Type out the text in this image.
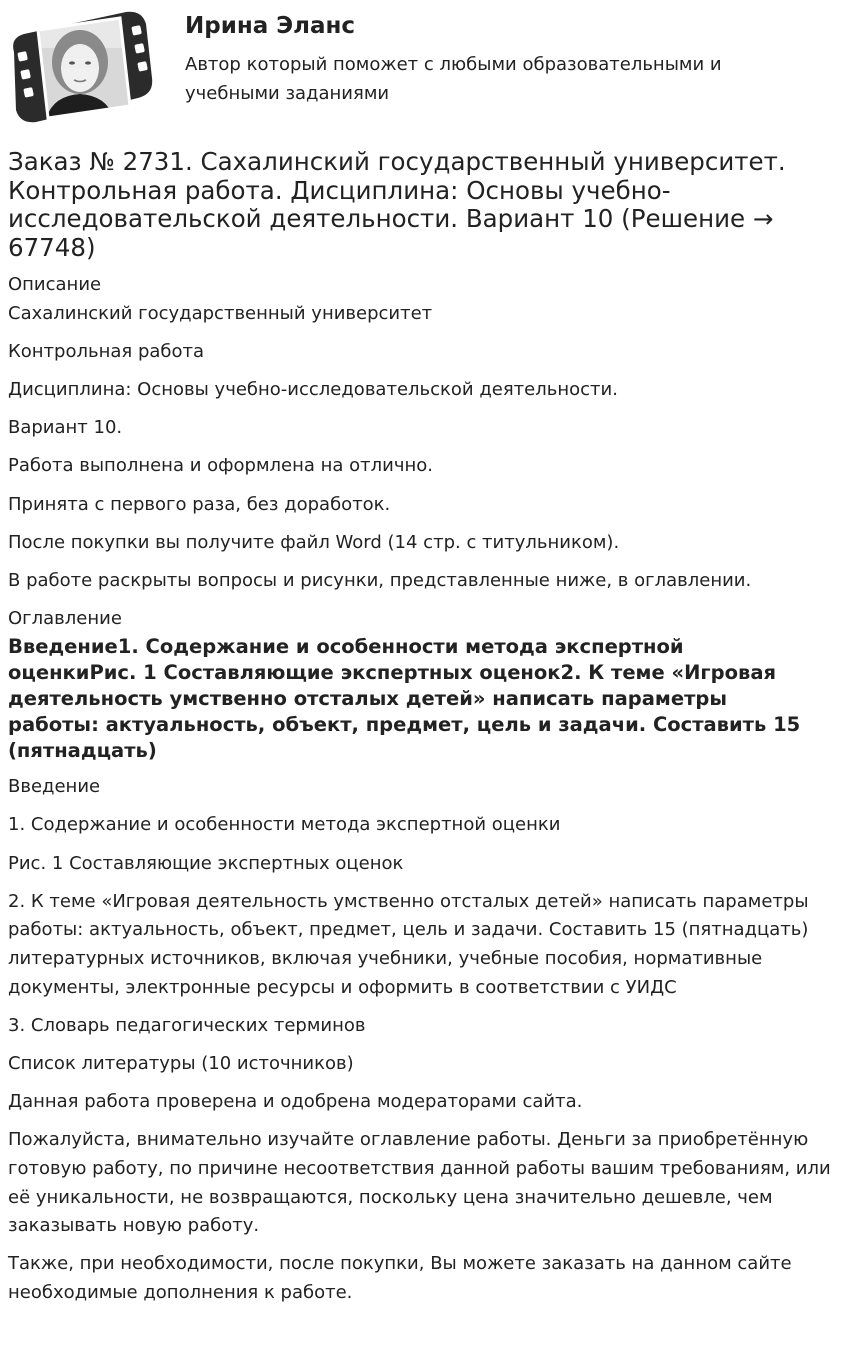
Ирина Эланс
Автор который поможет с любыми образовательными и учебными заданиями
Заказ № 2731. Сахалинский государственный университет. Контрольная работа. Дисциплина: Основы учебно-исследовательской деятельности. Вариант 10 (Решение → 67748)

Описание

Сахалинский государственный университет

Контрольная работа

Дисциплина: Основы учебно-исследовательской деятельности.

Вариант 10.

Работа выполнена и оформлена на отлично.

Принята с первого раза, без доработок.

После покупки вы получите файл Word (14 стр. с титульником).

В работе раскрыты вопросы и рисунки, представленные ниже, в оглавлении.

Оглавление

Введение1. Содержание и особенности метода экспертной оценкиРис. 1 Составляющие экспертных оценок2. К теме «Игровая деятельность умственно отсталых детей» написать параметры работы: актуальность, объект, предмет, цель и задачи. Составить 15 (пятнадцать)

Введение

1. Содержание и особенности метода экспертной оценки

Рис. 1 Составляющие экспертных оценок

2. К теме «Игровая деятельность умственно отсталых детей» написать параметры работы: актуальность, объект, предмет, цель и задачи. Составить 15 (пятнадцать) литературных источников, включая учебники, учебные пособия, нормативные документы, электронные ресурсы и оформить в соответствии с УИДС

3. Словарь педагогических терминов

Список литературы (10 источников)

Данная работа проверена и одобрена модераторами сайта.

Пожалуйста, внимательно изучайте оглавление работы. Деньги за приобретённую готовую работу, по причине несоответствия данной работы вашим требованиям, или её уникальности, не возвращаются, поскольку цена значительно дешевле, чем заказывать новую работу.

Также, при необходимости, после покупки, Вы можете заказать на данном сайте необходимые дополнения к работе.
